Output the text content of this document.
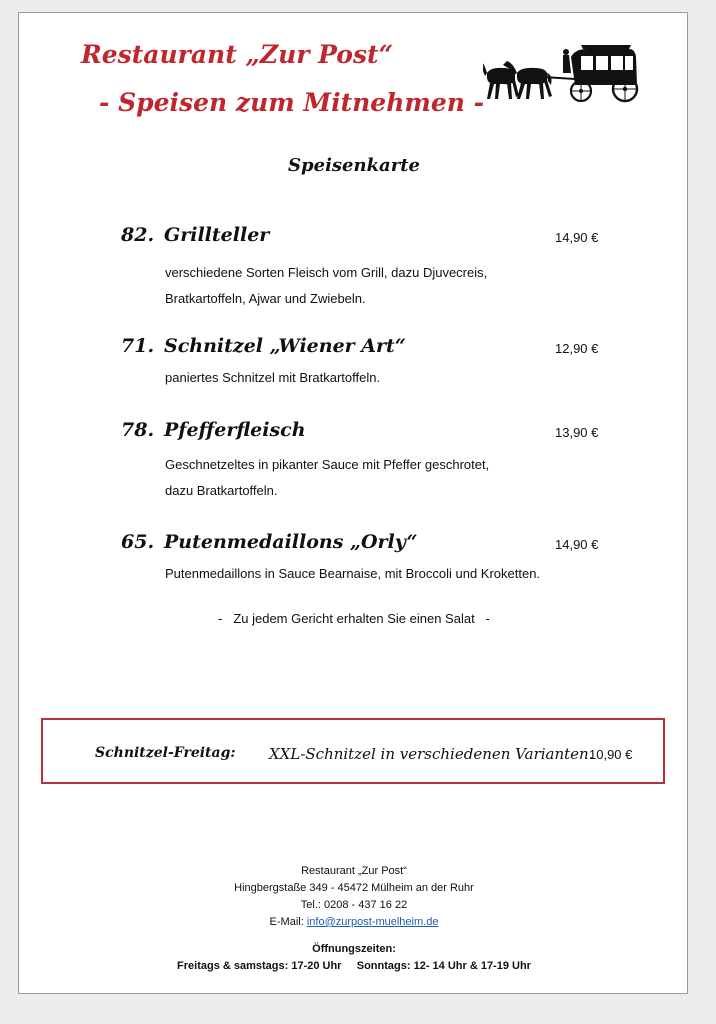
Restaurant „Zur Post“
- Speisen zum Mitnehmen -
Speisenkarte
82. Grillteller	14,90 €
verschiedene Sorten Fleisch vom Grill, dazu Djuvecreis,
Bratkartoffeln, Ajwar und Zwiebeln.
71. Schnitzel „Wiener Art“	12,90 €
paniertes Schnitzel mit Bratkartoffeln.
78. Pfefferfleisch	13,90 €
Geschnetzeltes in pikanter Sauce mit Pfeffer geschrotet,
dazu Bratkartoffeln.
65. Putenmedaillons „Orly“	14,90 €
Putenmedaillons in Sauce Bearnaise, mit Broccoli und Kroketten.
-   Zu jedem Gericht erhalten Sie einen Salat   -
Schnitzel-Freitag: XXL-Schnitzel in verschiedenen Varianten.
10,90 €
Restaurant „Zur Post“
Hingbergstaße 349 - 45472 Mülheim an der Ruhr
Tel.: 0208 - 437 16 22
E-Mail: info@zurpost-muelheim.de
Öffnungszeiten:
Freitags & samstags: 17-20 Uhr Sonntags: 12- 14 Uhr & 17-19 Uhr
